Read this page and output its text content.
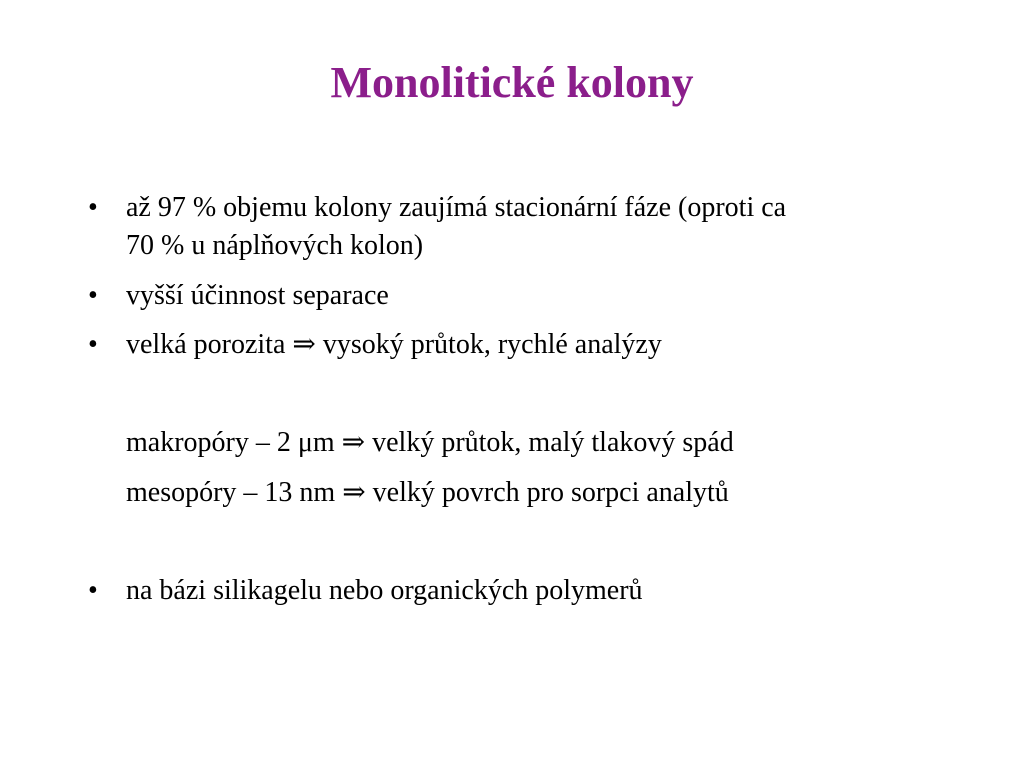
Monolitické kolony
• až 97 % objemu kolony zaujímá stacionární fáze (oproti ca
70 % u náplňových kolon)
• vyšší účinnost separace
• velká porozita ⇒ vysoký průtok, rychlé analýzy
makropóry – 2 μm ⇒ velký průtok, malý tlakový spád
mesopóry – 13 nm ⇒ velký povrch pro sorpci analytů
• na bázi silikagelu nebo organických polymerů
